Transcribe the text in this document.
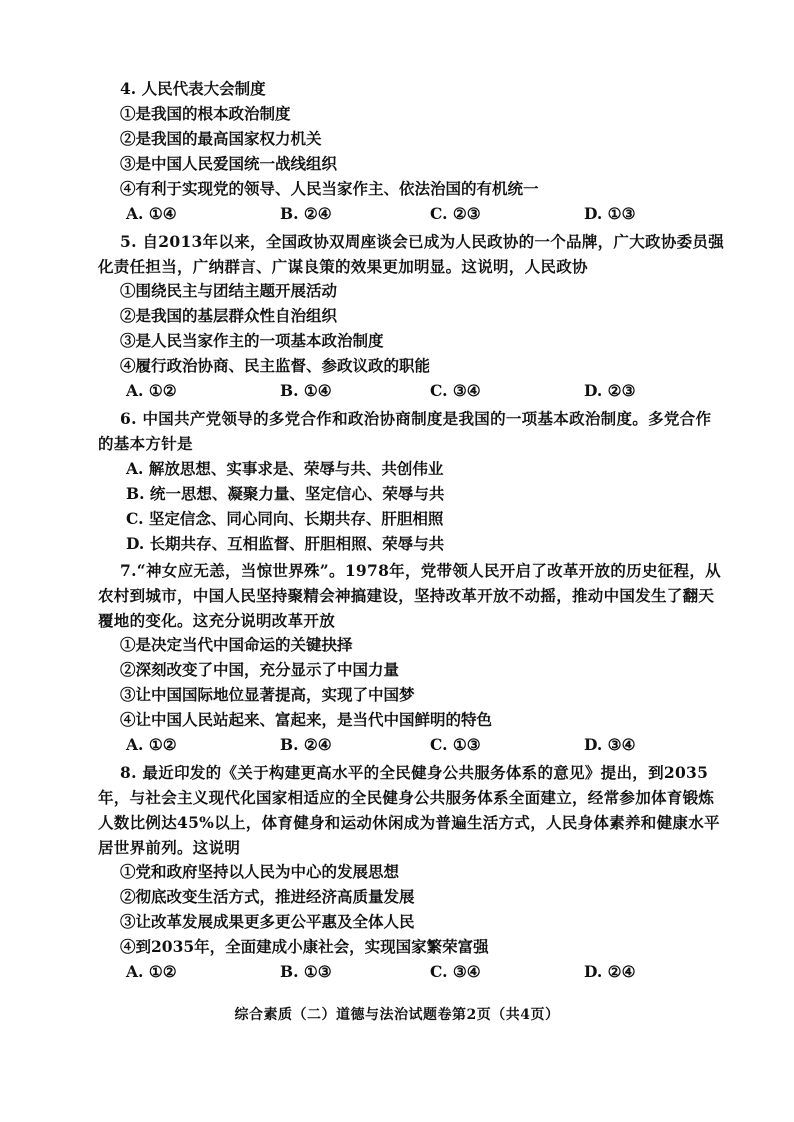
4. 人民代表大会制度
①是我国的根本政治制度
②是我国的最高国家权力机关
③是中国人民爱国统一战线组织
④有利于实现党的领导、人民当家作主、依法治国的有机统一
A. ①④	B. ②④	C. ②③	D. ①③
5. 自2013年以来，全国政协双周座谈会已成为人民政协的一个品牌，广大政协委员强化责任担当，广纳群言、广谋良策的效果更加明显。这说明，人民政协
①围绕民主与团结主题开展活动
②是我国的基层群众性自治组织
③是人民当家作主的一项基本政治制度
④履行政治协商、民主监督、参政议政的职能
A. ①②	B. ①④	C. ③④	D. ②③
6. 中国共产党领导的多党合作和政治协商制度是我国的一项基本政治制度。多党合作的基本方针是
A. 解放思想、实事求是、荣辱与共、共创伟业
B. 统一思想、凝聚力量、坚定信心、荣辱与共
C. 坚定信念、同心同向、长期共存、肝胆相照
D. 长期共存、互相监督、肝胆相照、荣辱与共
7.“神女应无恙，当惊世界殊”。1978年，党带领人民开启了改革开放的历史征程，从农村到城市，中国人民坚持聚精会神搞建设，坚持改革开放不动摇，推动中国发生了翻天覆地的变化。这充分说明改革开放
①是决定当代中国命运的关键抉择
②深刻改变了中国，充分显示了中国力量
③让中国国际地位显著提高，实现了中国梦
④让中国人民站起来、富起来，是当代中国鲜明的特色
A. ①②	B. ②④	C. ①③	D. ③④
8. 最近印发的《关于构建更高水平的全民健身公共服务体系的意见》提出，到2035年，与社会主义现代化国家相适应的全民健身公共服务体系全面建立，经常参加体育锻炼人数比例达45%以上，体育健身和运动休闲成为普遍生活方式，人民身体素养和健康水平居世界前列。这说明
①党和政府坚持以人民为中心的发展思想
②彻底改变生活方式，推进经济高质量发展
③让改革发展成果更多更公平惠及全体人民
④到2035年，全面建成小康社会，实现国家繁荣富强
A. ①②	B. ①③	C. ③④	D. ②④
综合素质（二）道德与法治试题卷第2页（共4页）
